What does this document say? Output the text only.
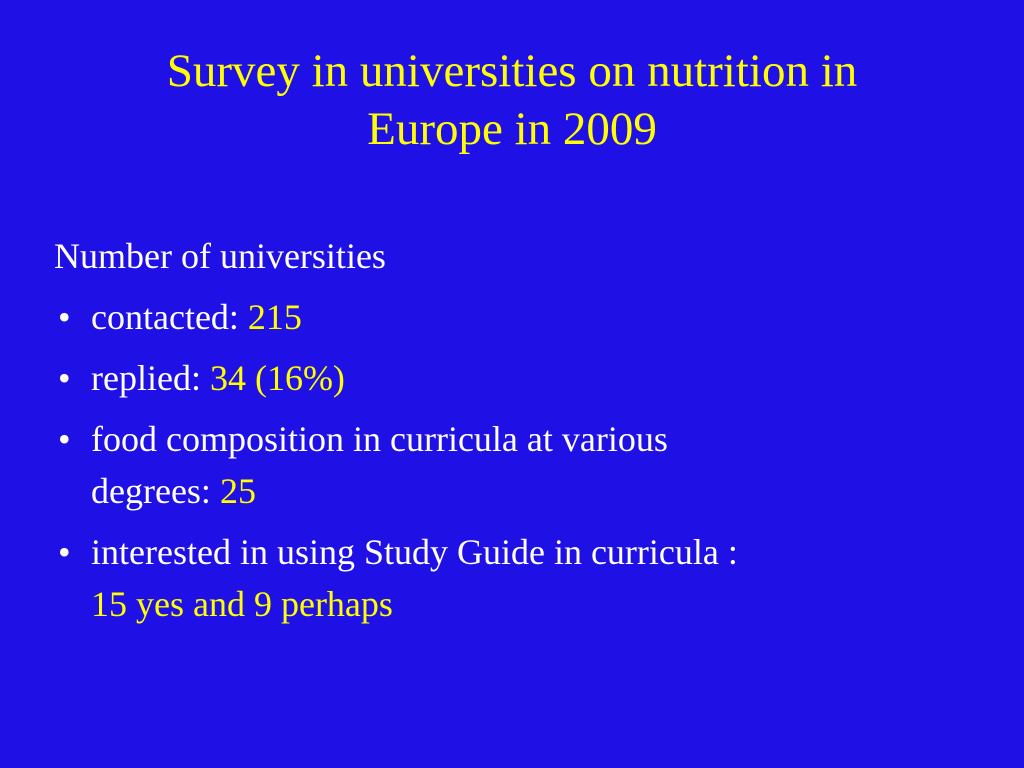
Survey in universities on nutrition in
Europe in 2009

Number of universities

• contacted: 215
• replied: 34 (16%)
• food composition in curricula at various
degrees: 25
• interested in using Study Guide in curricula :
15 yes and 9 perhaps
